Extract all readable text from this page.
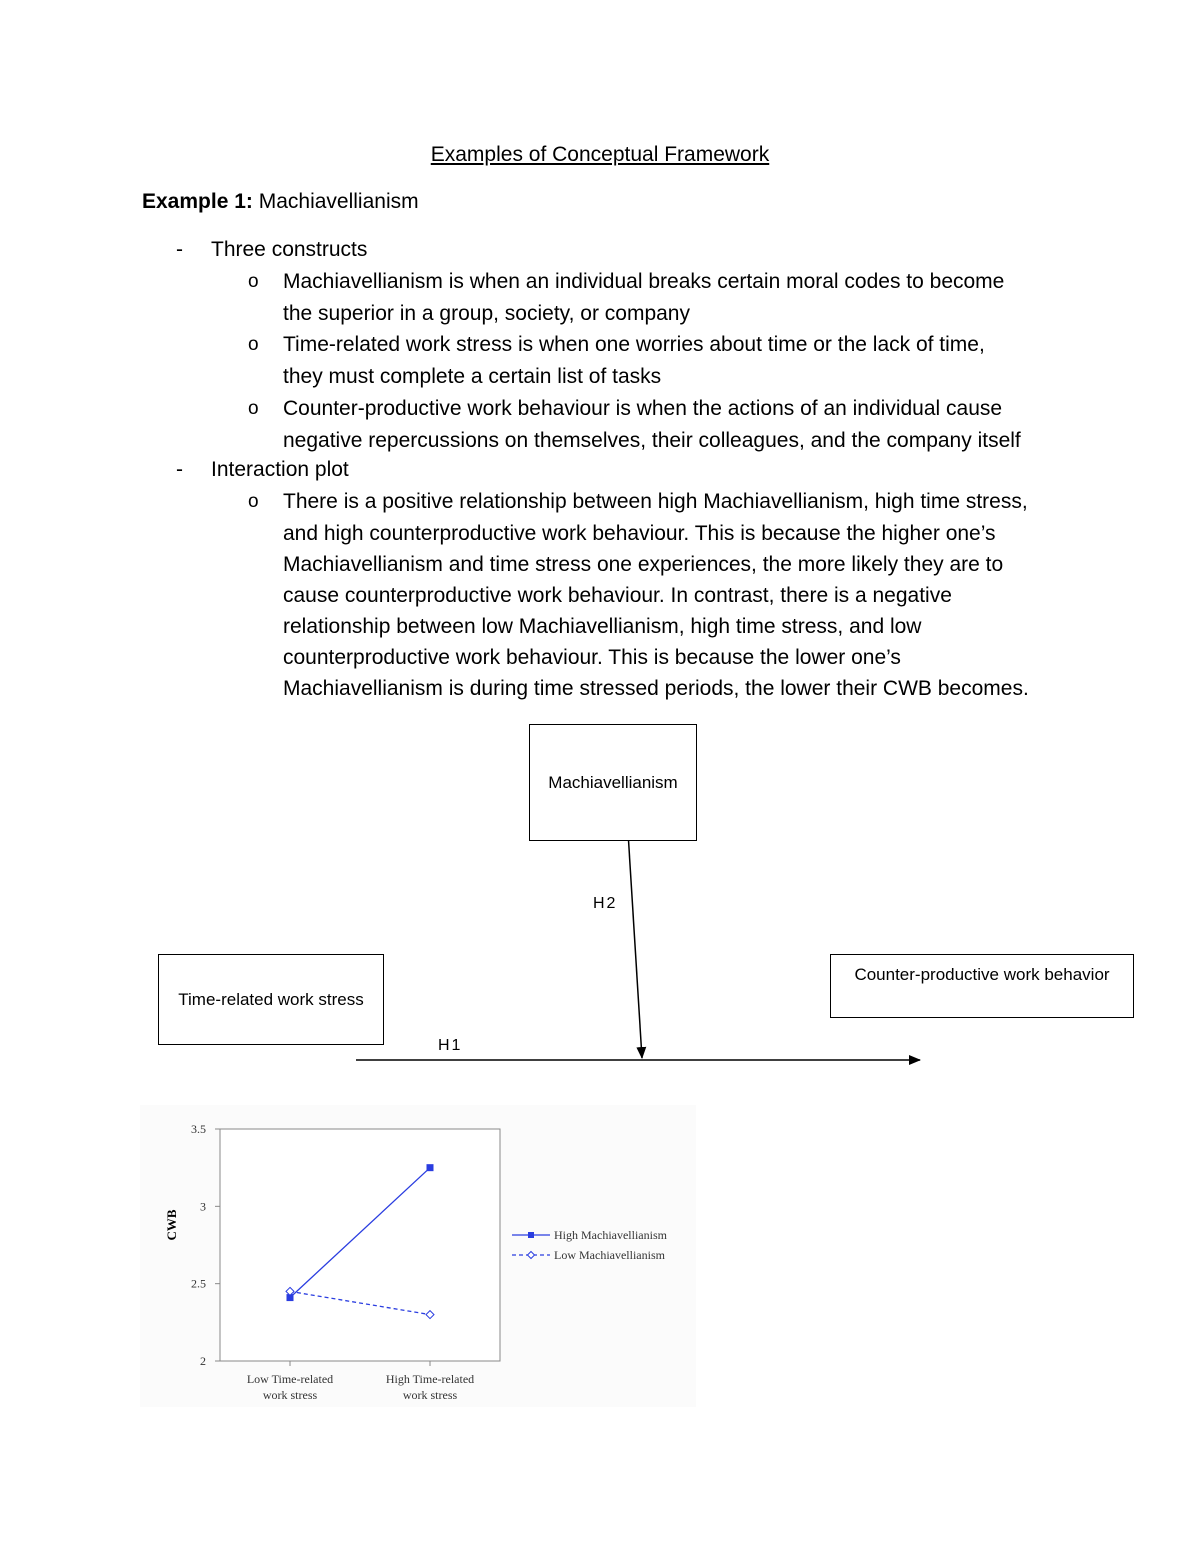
Examples of Conceptual Framework
Example 1: Machiavellianism
- Three constructs
o Machiavellianism is when an individual breaks certain moral codes to become
the superior in a group, society, or company
o Time-related work stress is when one worries about time or the lack of time,
they must complete a certain list of tasks
o Counter-productive work behaviour is when the actions of an individual cause
negative repercussions on themselves, their colleagues, and the company itself
- Interaction plot
o There is a positive relationship between high Machiavellianism, high time stress,
and high counterproductive work behaviour. This is because the higher one’s
Machiavellianism and time stress one experiences, the more likely they are to
cause counterproductive work behaviour. In contrast, there is a negative
relationship between low Machiavellianism, high time stress, and low
counterproductive work behaviour. This is because the lower one’s
Machiavellianism is during time stressed periods, the lower their CWB becomes.
Machiavellianism
Time-related work stress
Counter-productive work behavior
H2
H1
2
2.5
3
3.5
Low Time-related
work stress
High Time-related
work stress
High Machiavellianism
Low Machiavellianism
CWB
